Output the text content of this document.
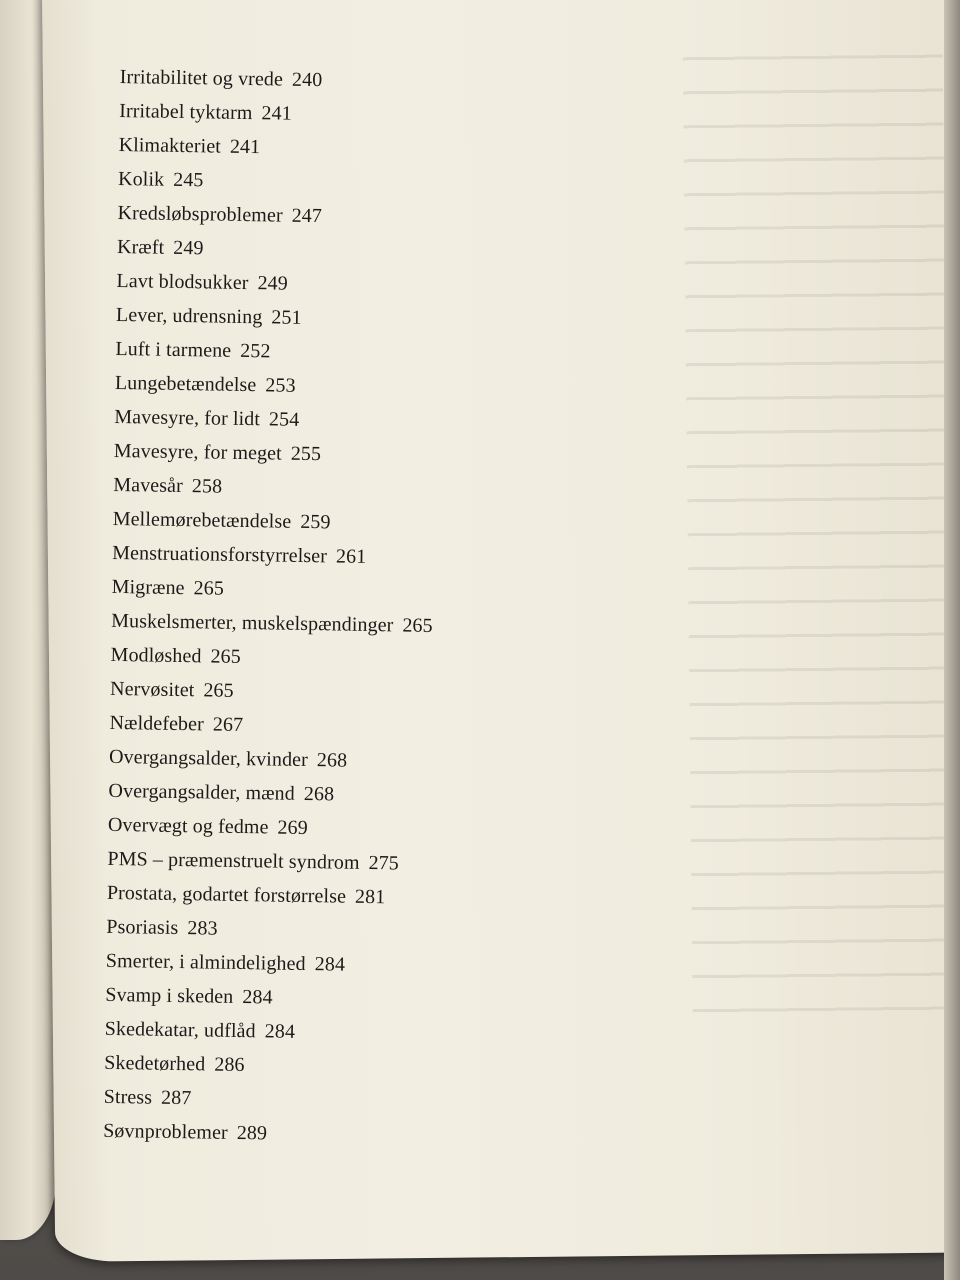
Irritabilitet og vrede 240
Irritabel tyktarm 241
Klimakteriet 241
Kolik 245
Kredsløbsproblemer 247
Kræft 249
Lavt blodsukker 249
Lever, udrensning 251
Luft i tarmene 252
Lungebetændelse 253
Mavesyre, for lidt 254
Mavesyre, for meget 255
Mavesår 258
Mellemørebetændelse 259
Menstruationsforstyrrelser 261
Migræne 265
Muskelsmerter, muskelspændinger 265
Modløshed 265
Nervøsitet 265
Nældefeber 267
Overgangsalder, kvinder 268
Overgangsalder, mænd 268
Overvægt og fedme 269
PMS – præmenstruelt syndrom 275
Prostata, godartet forstørrelse 281
Psoriasis 283
Smerter, i almindelighed 284
Svamp i skeden 284
Skedekatar, udflåd 284
Skedetørhed 286
Stress 287
Søvnproblemer 289
